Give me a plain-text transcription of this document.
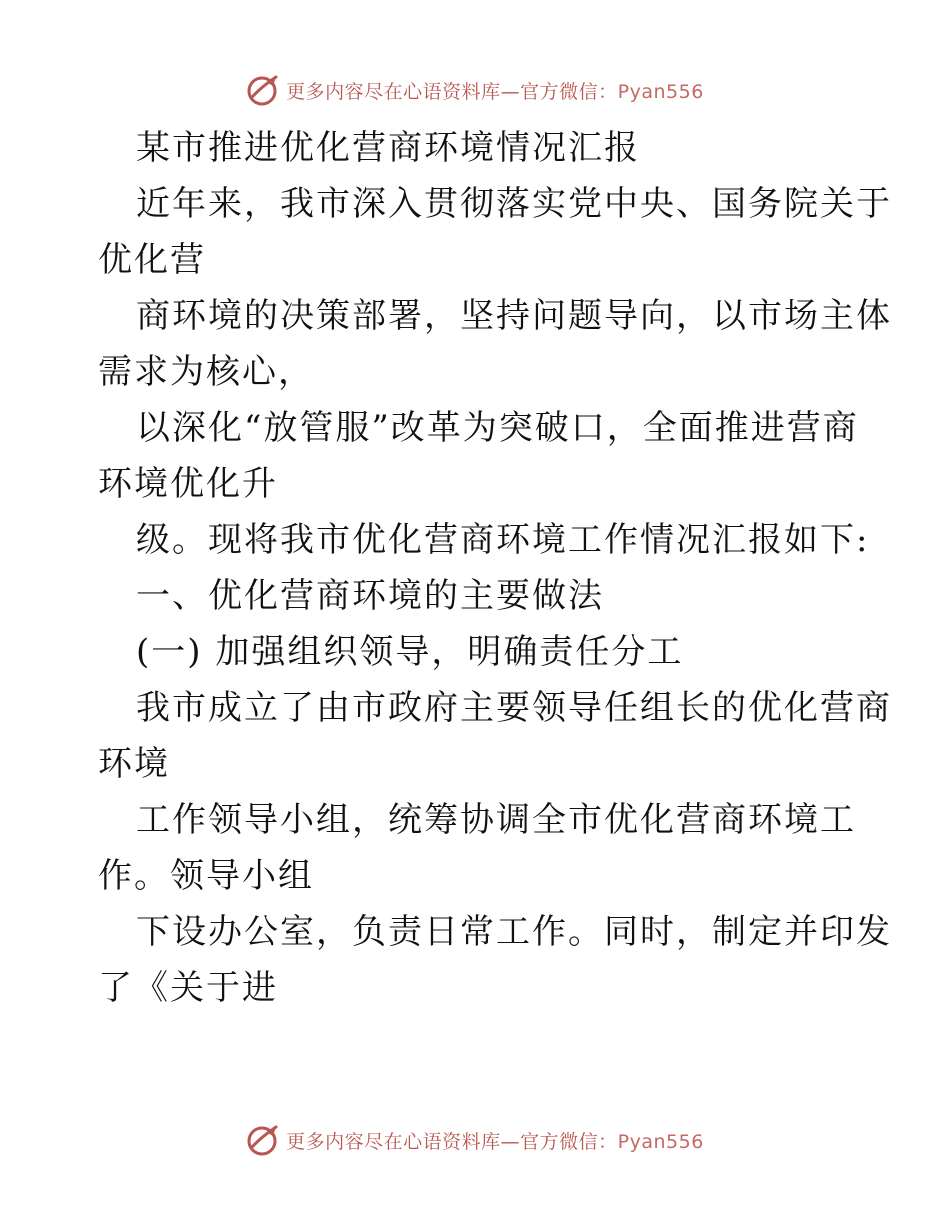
更多内容尽在心语资料库—官方微信：Pyan556
某市推进优化营商环境情况汇报
近年来，我市深入贯彻落实党中央、国务院关于
优化营
商环境的决策部署，坚持问题导向，以市场主体
需求为核心，
以深化“放管服”改革为突破口，全面推进营商
环境优化升
级。现将我市优化营商环境工作情况汇报如下:
一、优化营商环境的主要做法
(一) 加强组织领导，明确责任分工
我市成立了由市政府主要领导任组长的优化营商
环境
工作领导小组，统筹协调全市优化营商环境工
作。领导小组
下设办公室，负责日常工作。同时，制定并印发
了《关于进
更多内容尽在心语资料库—官方微信：Pyan556
